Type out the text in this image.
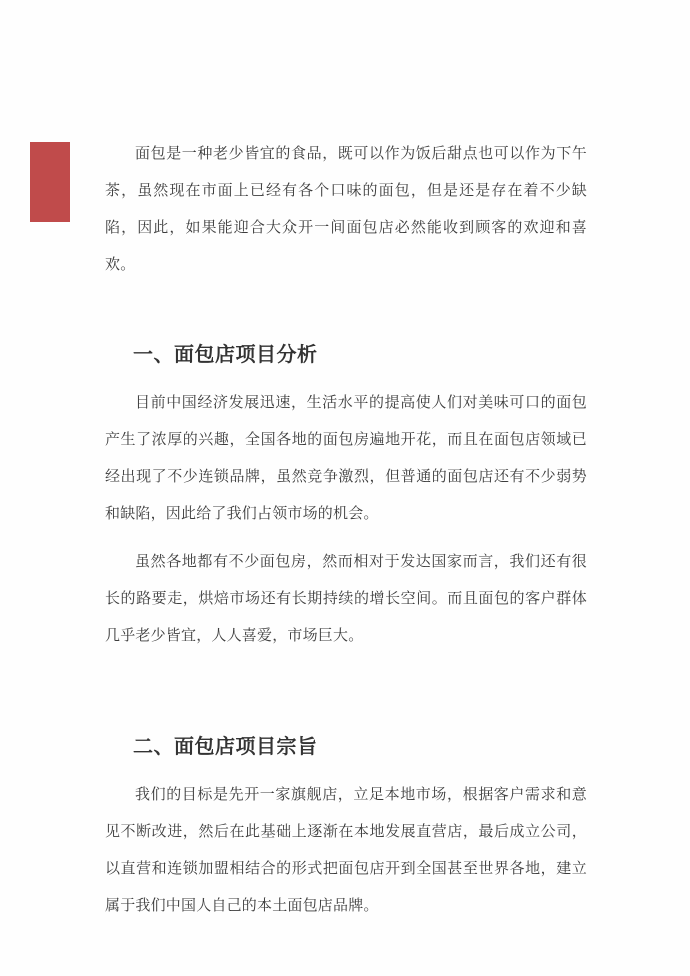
面包是一种老少皆宜的食品，既可以作为饭后甜点也可以作为下午茶，虽然现在市面上已经有各个口味的面包，但是还是存在着不少缺陷，因此，如果能迎合大众开一间面包店必然能收到顾客的欢迎和喜欢。

一、面包店项目分析

目前中国经济发展迅速，生活水平的提高使人们对美味可口的面包产生了浓厚的兴趣，全国各地的面包房遍地开花，而且在面包店领域已经出现了不少连锁品牌，虽然竞争激烈，但普通的面包店还有不少弱势和缺陷，因此给了我们占领市场的机会。

虽然各地都有不少面包房，然而相对于发达国家而言，我们还有很长的路要走，烘焙市场还有长期持续的增长空间。而且面包的客户群体几乎老少皆宜，人人喜爱，市场巨大。

二、面包店项目宗旨

我们的目标是先开一家旗舰店，立足本地市场，根据客户需求和意见不断改进，然后在此基础上逐渐在本地发展直营店，最后成立公司，以直营和连锁加盟相结合的形式把面包店开到全国甚至世界各地，建立属于我们中国人自己的本土面包店品牌。
